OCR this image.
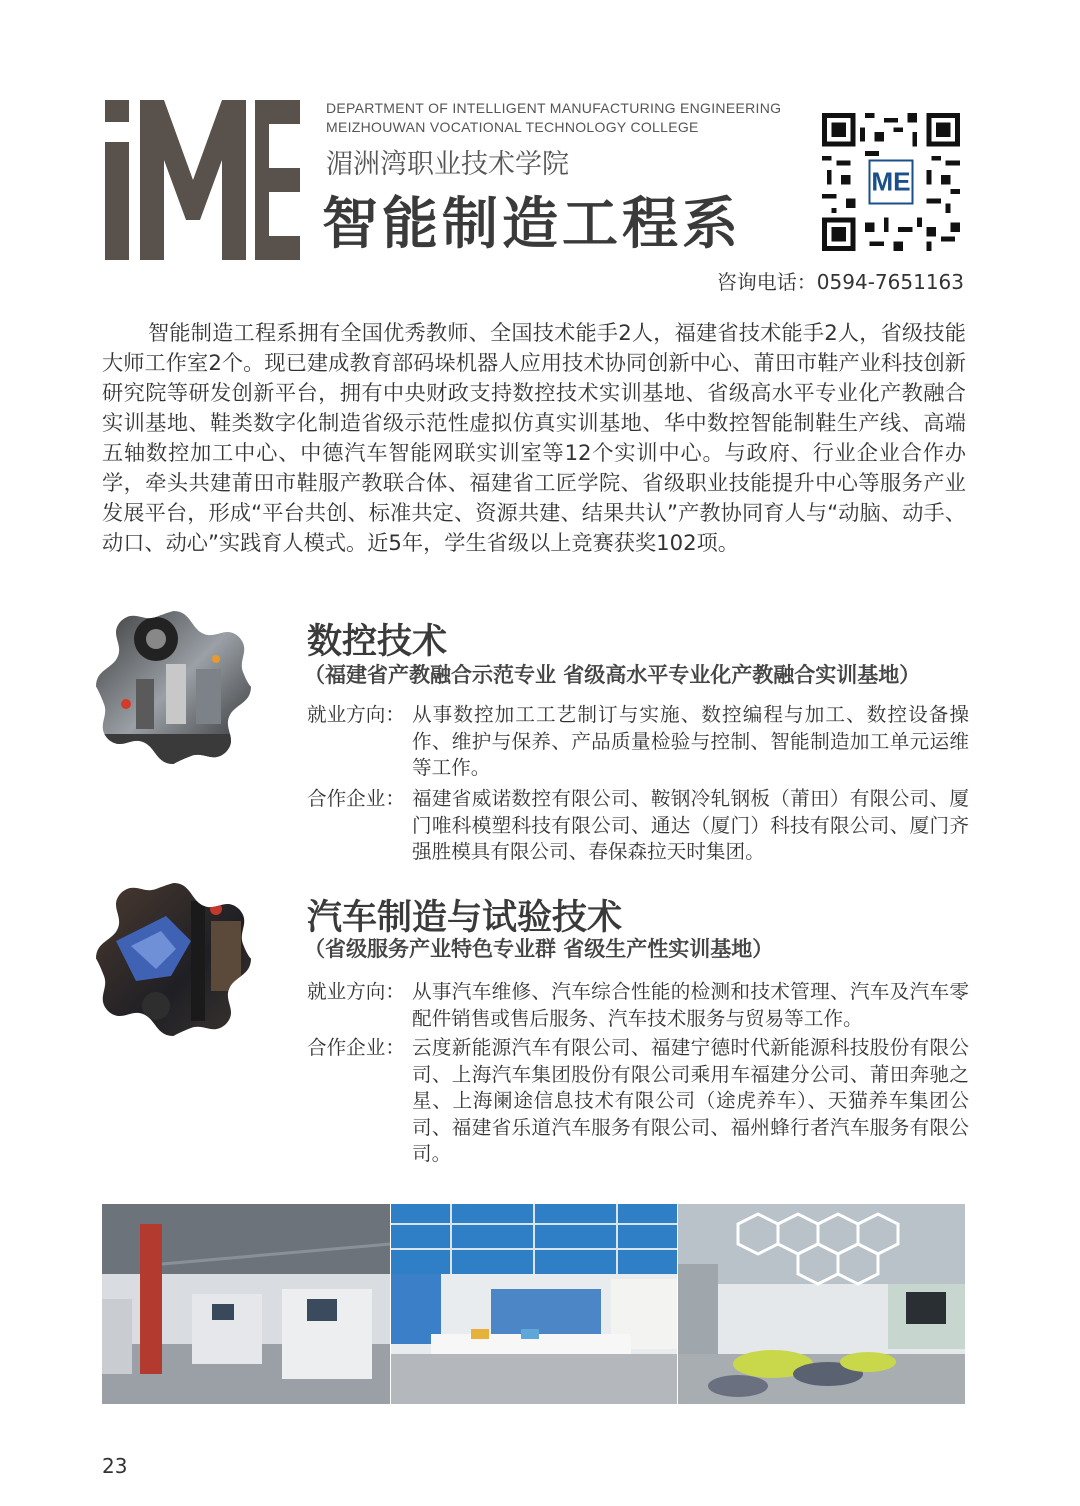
DEPARTMENT OF INTELLIGENT MANUFACTURING ENGINEERING
MEIZHOUWAN VOCATIONAL TECHNOLOGY COLLEGE
湄洲湾职业技术学院
智能制造工程系
ME
咨询电话：0594-7651163

智能制造工程系拥有全国优秀教师、全国技术能手2人，福建省技术能手2人，省级技能大师工作室2个。现已建成教育部码垛机器人应用技术协同创新中心、莆田市鞋产业科技创新研究院等研发创新平台，拥有中央财政支持数控技术实训基地、省级高水平专业化产教融合实训基地、鞋类数字化制造省级示范性虚拟仿真实训基地、华中数控智能制鞋生产线、高端五轴数控加工中心、中德汽车智能网联实训室等12个实训中心。与政府、行业企业合作办学，牵头共建莆田市鞋服产教联合体、福建省工匠学院、省级职业技能提升中心等服务产业发展平台，形成“平台共创、标准共定、资源共建、结果共认”产教协同育人与“动脑、动手、动口、动心”实践育人模式。近5年，学生省级以上竞赛获奖102项。

数控技术
（福建省产教融合示范专业 省级高水平专业化产教融合实训基地）
就业方向： 从事数控加工工艺制订与实施、数控编程与加工、数控设备操作、维护与保养、产品质量检验与控制、智能制造加工单元运维等工作。
合作企业： 福建省威诺数控有限公司、鞍钢冷轧钢板（莆田）有限公司、厦门唯科模塑科技有限公司、通达（厦门）科技有限公司、厦门齐强胜模具有限公司、春保森拉天时集团。
汽车制造与试验技术
（省级服务产业特色专业群 省级生产性实训基地）
就业方向： 从事汽车维修、汽车综合性能的检测和技术管理、汽车及汽车零配件销售或售后服务、汽车技术服务与贸易等工作。
合作企业： 云度新能源汽车有限公司、福建宁德时代新能源科技股份有限公司、上海汽车集团股份有限公司乘用车福建分公司、莆田奔驰之星、上海阑途信息技术有限公司（途虎养车）、天猫养车集团公司、福建省乐道汽车服务有限公司、福州蜂行者汽车服务有限公司。
23
